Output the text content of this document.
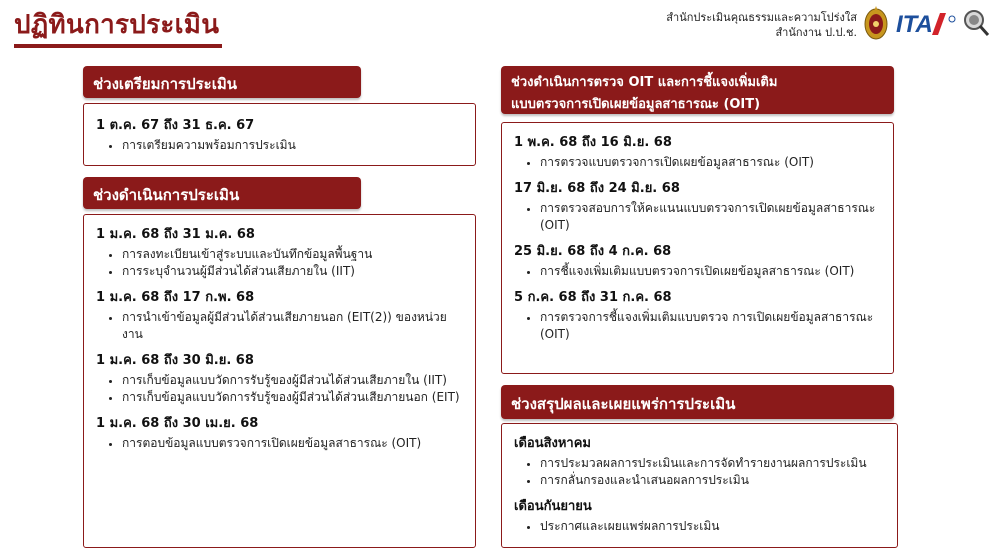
ปฏิทินการประเมิน	สำนักประเมินคุณธรรมและความโปร่งใส
สำนักงาน ป.ป.ช. ITA
ช่วงเตรียมการประเมิน
1 ต.ค. 67 ถึง 31 ธ.ค. 67
• การเตรียมความพร้อมการประเมิน
ช่วงดำเนินการประเมิน
1 ม.ค. 68 ถึง 31 ม.ค. 68
• การลงทะเบียนเข้าสู่ระบบและบันทึกข้อมูลพื้นฐาน
• การระบุจำนวนผู้มีส่วนได้ส่วนเสียภายใน (IIT)
1 ม.ค. 68 ถึง 17 ก.พ. 68
• การนำเข้าข้อมูลผู้มีส่วนได้ส่วนเสียภายนอก (EIT(2)) ของหน่วยงาน
1 ม.ค. 68 ถึง 30 มิ.ย. 68
• การเก็บข้อมูลแบบวัดการรับรู้ของผู้มีส่วนได้ส่วนเสียภายใน (IIT)
• การเก็บข้อมูลแบบวัดการรับรู้ของผู้มีส่วนได้ส่วนเสียภายนอก (EIT)
1 ม.ค. 68 ถึง 30 เม.ย. 68
• การตอบข้อมูลแบบตรวจการเปิดเผยข้อมูลสาธารณะ (OIT)
ช่วงดำเนินการตรวจ OIT และการชี้แจงเพิ่มเติม
แบบตรวจการเปิดเผยข้อมูลสาธารณะ (OIT)
1 พ.ค. 68 ถึง 16 มิ.ย. 68
• การตรวจแบบตรวจการเปิดเผยข้อมูลสาธารณะ (OIT)
17 มิ.ย. 68 ถึง 24 มิ.ย. 68
• การตรวจสอบการให้คะแนนแบบตรวจการเปิดเผยข้อมูลสาธารณะ (OIT)
25 มิ.ย. 68 ถึง 4 ก.ค. 68
• การชี้แจงเพิ่มเติมแบบตรวจการเปิดเผยข้อมูลสาธารณะ (OIT)
5 ก.ค. 68 ถึง 31 ก.ค. 68
• การตรวจการชี้แจงเพิ่มเติมแบบตรวจ การเปิดเผยข้อมูลสาธารณะ (OIT)
ช่วงสรุปผลและเผยแพร่การประเมิน
เดือนสิงหาคม
• การประมวลผลการประเมินและการจัดทำรายงานผลการประเมิน
• การกลั่นกรองและนำเสนอผลการประเมิน
เดือนกันยายน
• ประกาศและเผยแพร่ผลการประเมิน
